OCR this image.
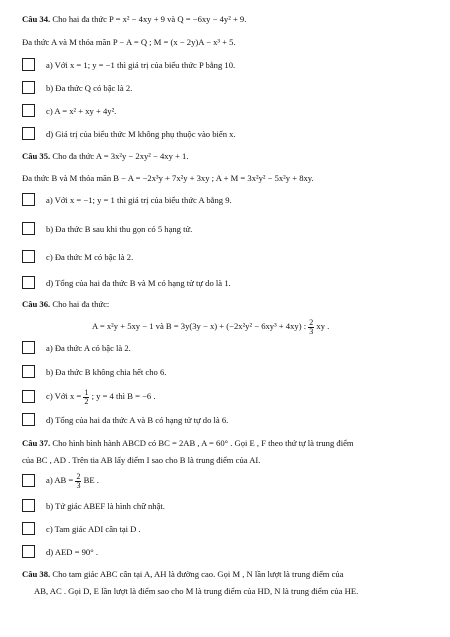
Câu 34. Cho hai đa thức P = x² − 4xy + 9 và Q = −6xy − 4y² + 9.
Đa thức A và M thỏa mãn P − A = Q ; M = (x − 2y)A − x³ + 5.
a) Với x = 1; y = −1 thì giá trị của biểu thức P bằng 10.
b) Đa thức Q có bậc là 2.
c) A = x² + xy + 4y².
d) Giá trị của biểu thức M không phụ thuộc vào biến x.
Câu 35. Cho đa thức A = 3x²y − 2xy² − 4xy + 1.
Đa thức B và M thỏa mãn B − A = −2x³y + 7x²y + 3xy ; A + M = 3x²y² − 5x²y + 8xy.
a) Với x = −1; y = 1 thì giá trị của biểu thức A bằng 9.
b) Đa thức B sau khi thu gọn có 5 hạng tử.
c) Đa thức M có bậc là 2.
d) Tổng của hai đa thức B và M có hạng tử tự do là 1.
Câu 36. Cho hai đa thức:
A = x²y + 5xy − 1 và B = 3y(3y − x) + (−2x²y² − 6xy³ + 4xy) : $\frac{2}{3}$ xy .
a) Đa thức A có bậc là 2.
b) Đa thức B không chia hết cho 6.
c) Với $x = \frac{1}{2}$ ; y = 4 thì B = −6 .
d) Tổng của hai đa thức A và B có hạng tử tự do là 6.
Câu 37. Cho hình bình hành ABCD có BC = 2AB , A = 60° . Gọi E , F theo thứ tự là trung điểm
của BC , AD . Trên tia AB lấy điểm I sao cho B là trung điểm của AI.
a) AB = $\frac{2}{3}$ BE .
b) Tứ giác ABEF là hình chữ nhật.
c) Tam giác ADI cân tại D .
d) AED = 90° .
Câu 38. Cho tam giác ABC cân tại A, AH là đường cao. Gọi M , N lần lượt là trung điểm của
AB, AC . Gọi D, E lần lượt là điểm sao cho M là trung điểm của HD, N là trung điểm của HE.
